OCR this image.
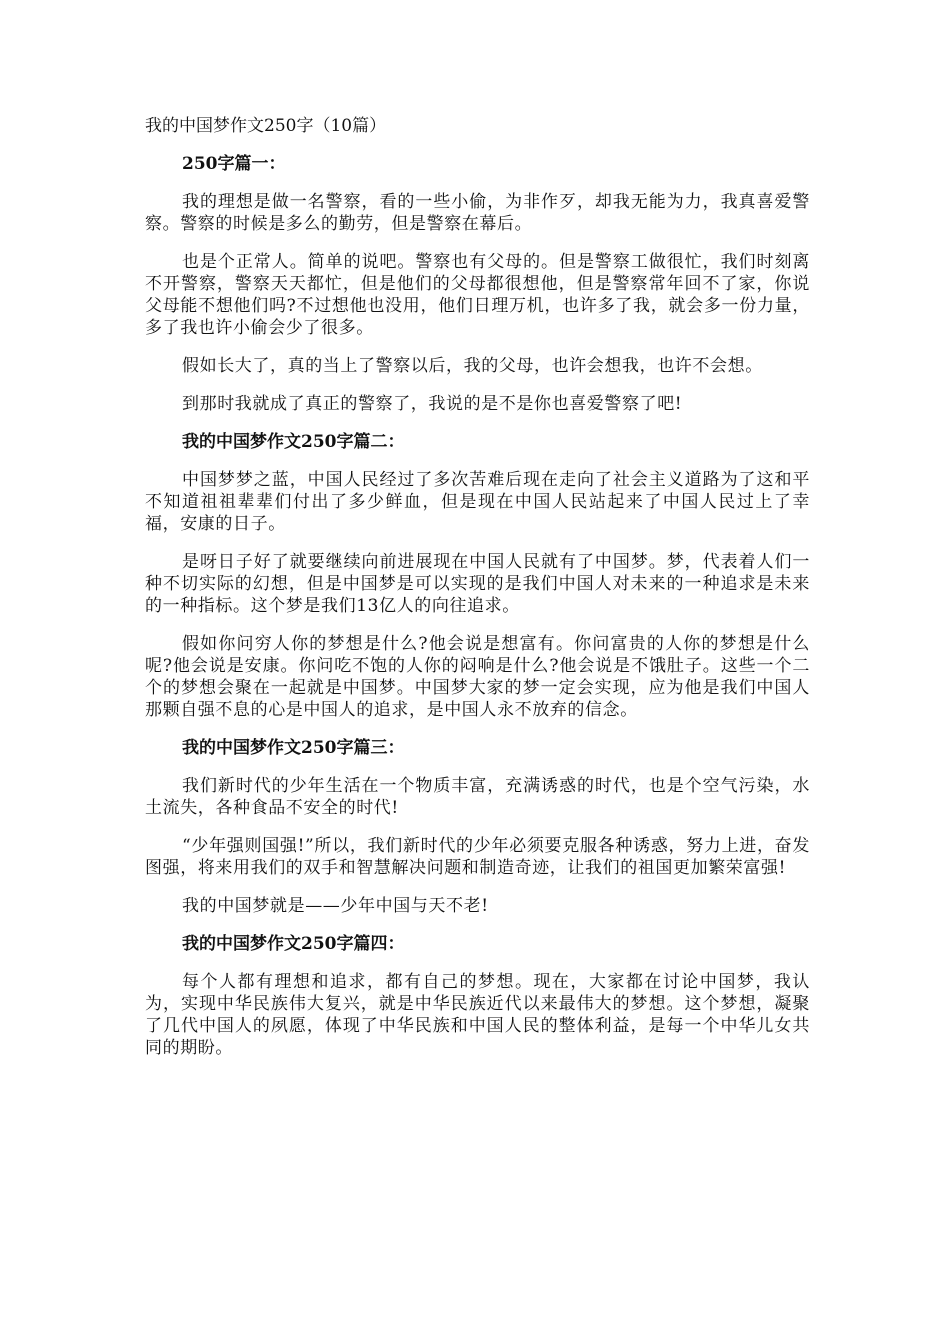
我的中国梦作文250字（10篇）
250字篇一：

我的理想是做一名警察，看的一些小偷，为非作歹，却我无能为力，我真喜爱警察。警察的时候是多么的勤劳，但是警察在幕后。

也是个正常人。简单的说吧。警察也有父母的。但是警察工做很忙，我们时刻离不开警察，警察天天都忙，但是他们的父母都很想他，但是警察常年回不了家，你说父母能不想他们吗?不过想他也没用，他们日理万机，也许多了我，就会多一份力量，多了我也许小偷会少了很多。

假如长大了，真的当上了警察以后，我的父母，也许会想我，也许不会想。

到那时我就成了真正的警察了，我说的是不是你也喜爱警察了吧!

我的中国梦作文250字篇二：

中国梦梦之蓝，中国人民经过了多次苦难后现在走向了社会主义道路为了这和平不知道祖祖辈辈们付出了多少鲜血，但是现在中国人民站起来了中国人民过上了幸福，安康的日子。

是呀日子好了就要继续向前进展现在中国人民就有了中国梦。梦，代表着人们一种不切实际的幻想，但是中国梦是可以实现的是我们中国人对未来的一种追求是未来的一种指标。这个梦是我们13亿人的向往追求。

假如你问穷人你的梦想是什么?他会说是想富有。你问富贵的人你的梦想是什么呢?他会说是安康。你问吃不饱的人你的闷响是什么?他会说是不饿肚子。这些一个二个的梦想会聚在一起就是中国梦。中国梦大家的梦一定会实现，应为他是我们中国人那颗自强不息的心是中国人的追求，是中国人永不放弃的信念。

我的中国梦作文250字篇三：

我们新时代的少年生活在一个物质丰富，充满诱惑的时代，也是个空气污染，水土流失，各种食品不安全的时代!

“少年强则国强!”所以，我们新时代的少年必须要克服各种诱惑，努力上进，奋发图强，将来用我们的双手和智慧解决问题和制造奇迹，让我们的祖国更加繁荣富强!

我的中国梦就是——少年中国与天不老!

我的中国梦作文250字篇四：

每个人都有理想和追求，都有自己的梦想。现在，大家都在讨论中国梦，我认为，实现中华民族伟大复兴，就是中华民族近代以来最伟大的梦想。这个梦想，凝聚了几代中国人的夙愿，体现了中华民族和中国人民的整体利益，是每一个中华儿女共同的期盼。
